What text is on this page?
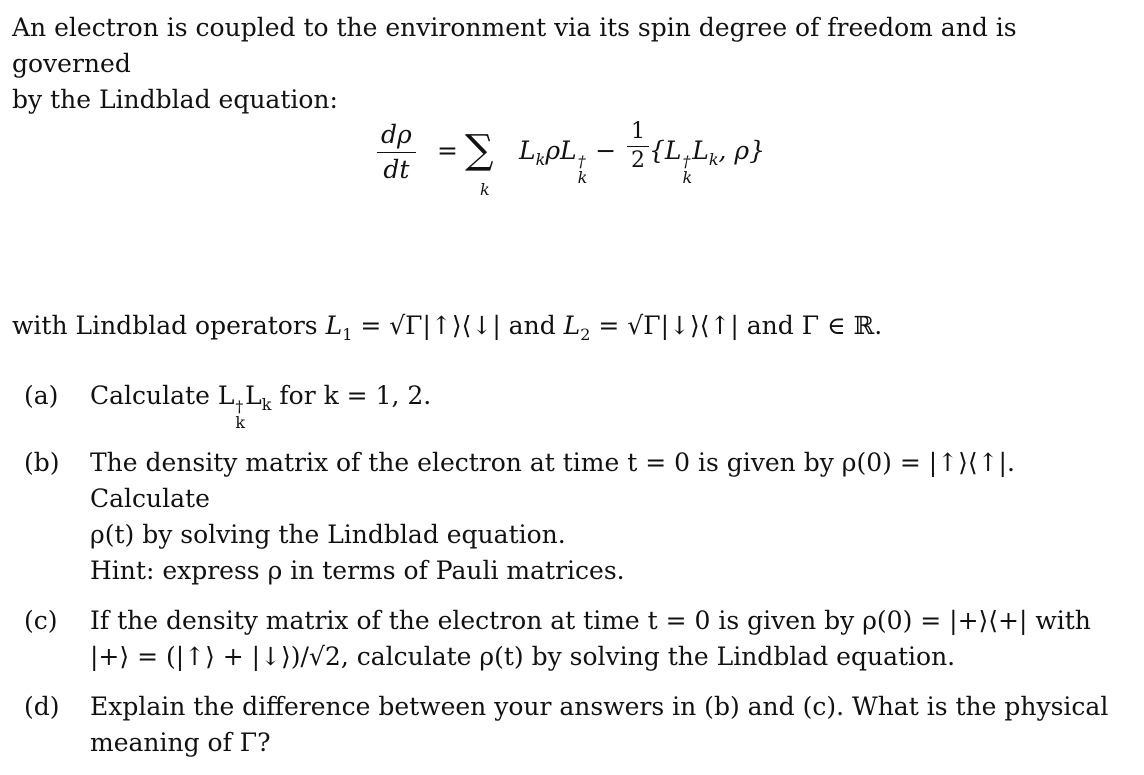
An electron is coupled to the environment via its spin degree of freedom and is governed
by the Lindblad equation:

$\frac{d\rho}{dt}$ = ∑
k
$L_k\rho L$ †
k
− $\frac{1}{2} \{L$ †
k
$L_k$, ρ}

with Lindblad operators $L_1$ = √Γ|↑⟩⟨↓| and $L_2$ = √Γ|↓⟩⟨↑| and Γ ∈ ℝ.

(a)	Calculate L †
k
$L_k$ for k = 1, 2.
(b)	The density matrix of the electron at time t = 0 is given by ρ(0) = |↑⟩⟨↑|. Calculate
ρ(t) by solving the Lindblad equation.
Hint: express ρ in terms of Pauli matrices.
(c)	If the density matrix of the electron at time t = 0 is given by ρ(0) = |+⟩⟨+| with
|+⟩ = (|↑⟩ + |↓⟩)/√2, calculate ρ(t) by solving the Lindblad equation.
(d)	Explain the difference between your answers in (b) and (c). What is the physical
meaning of Γ?
